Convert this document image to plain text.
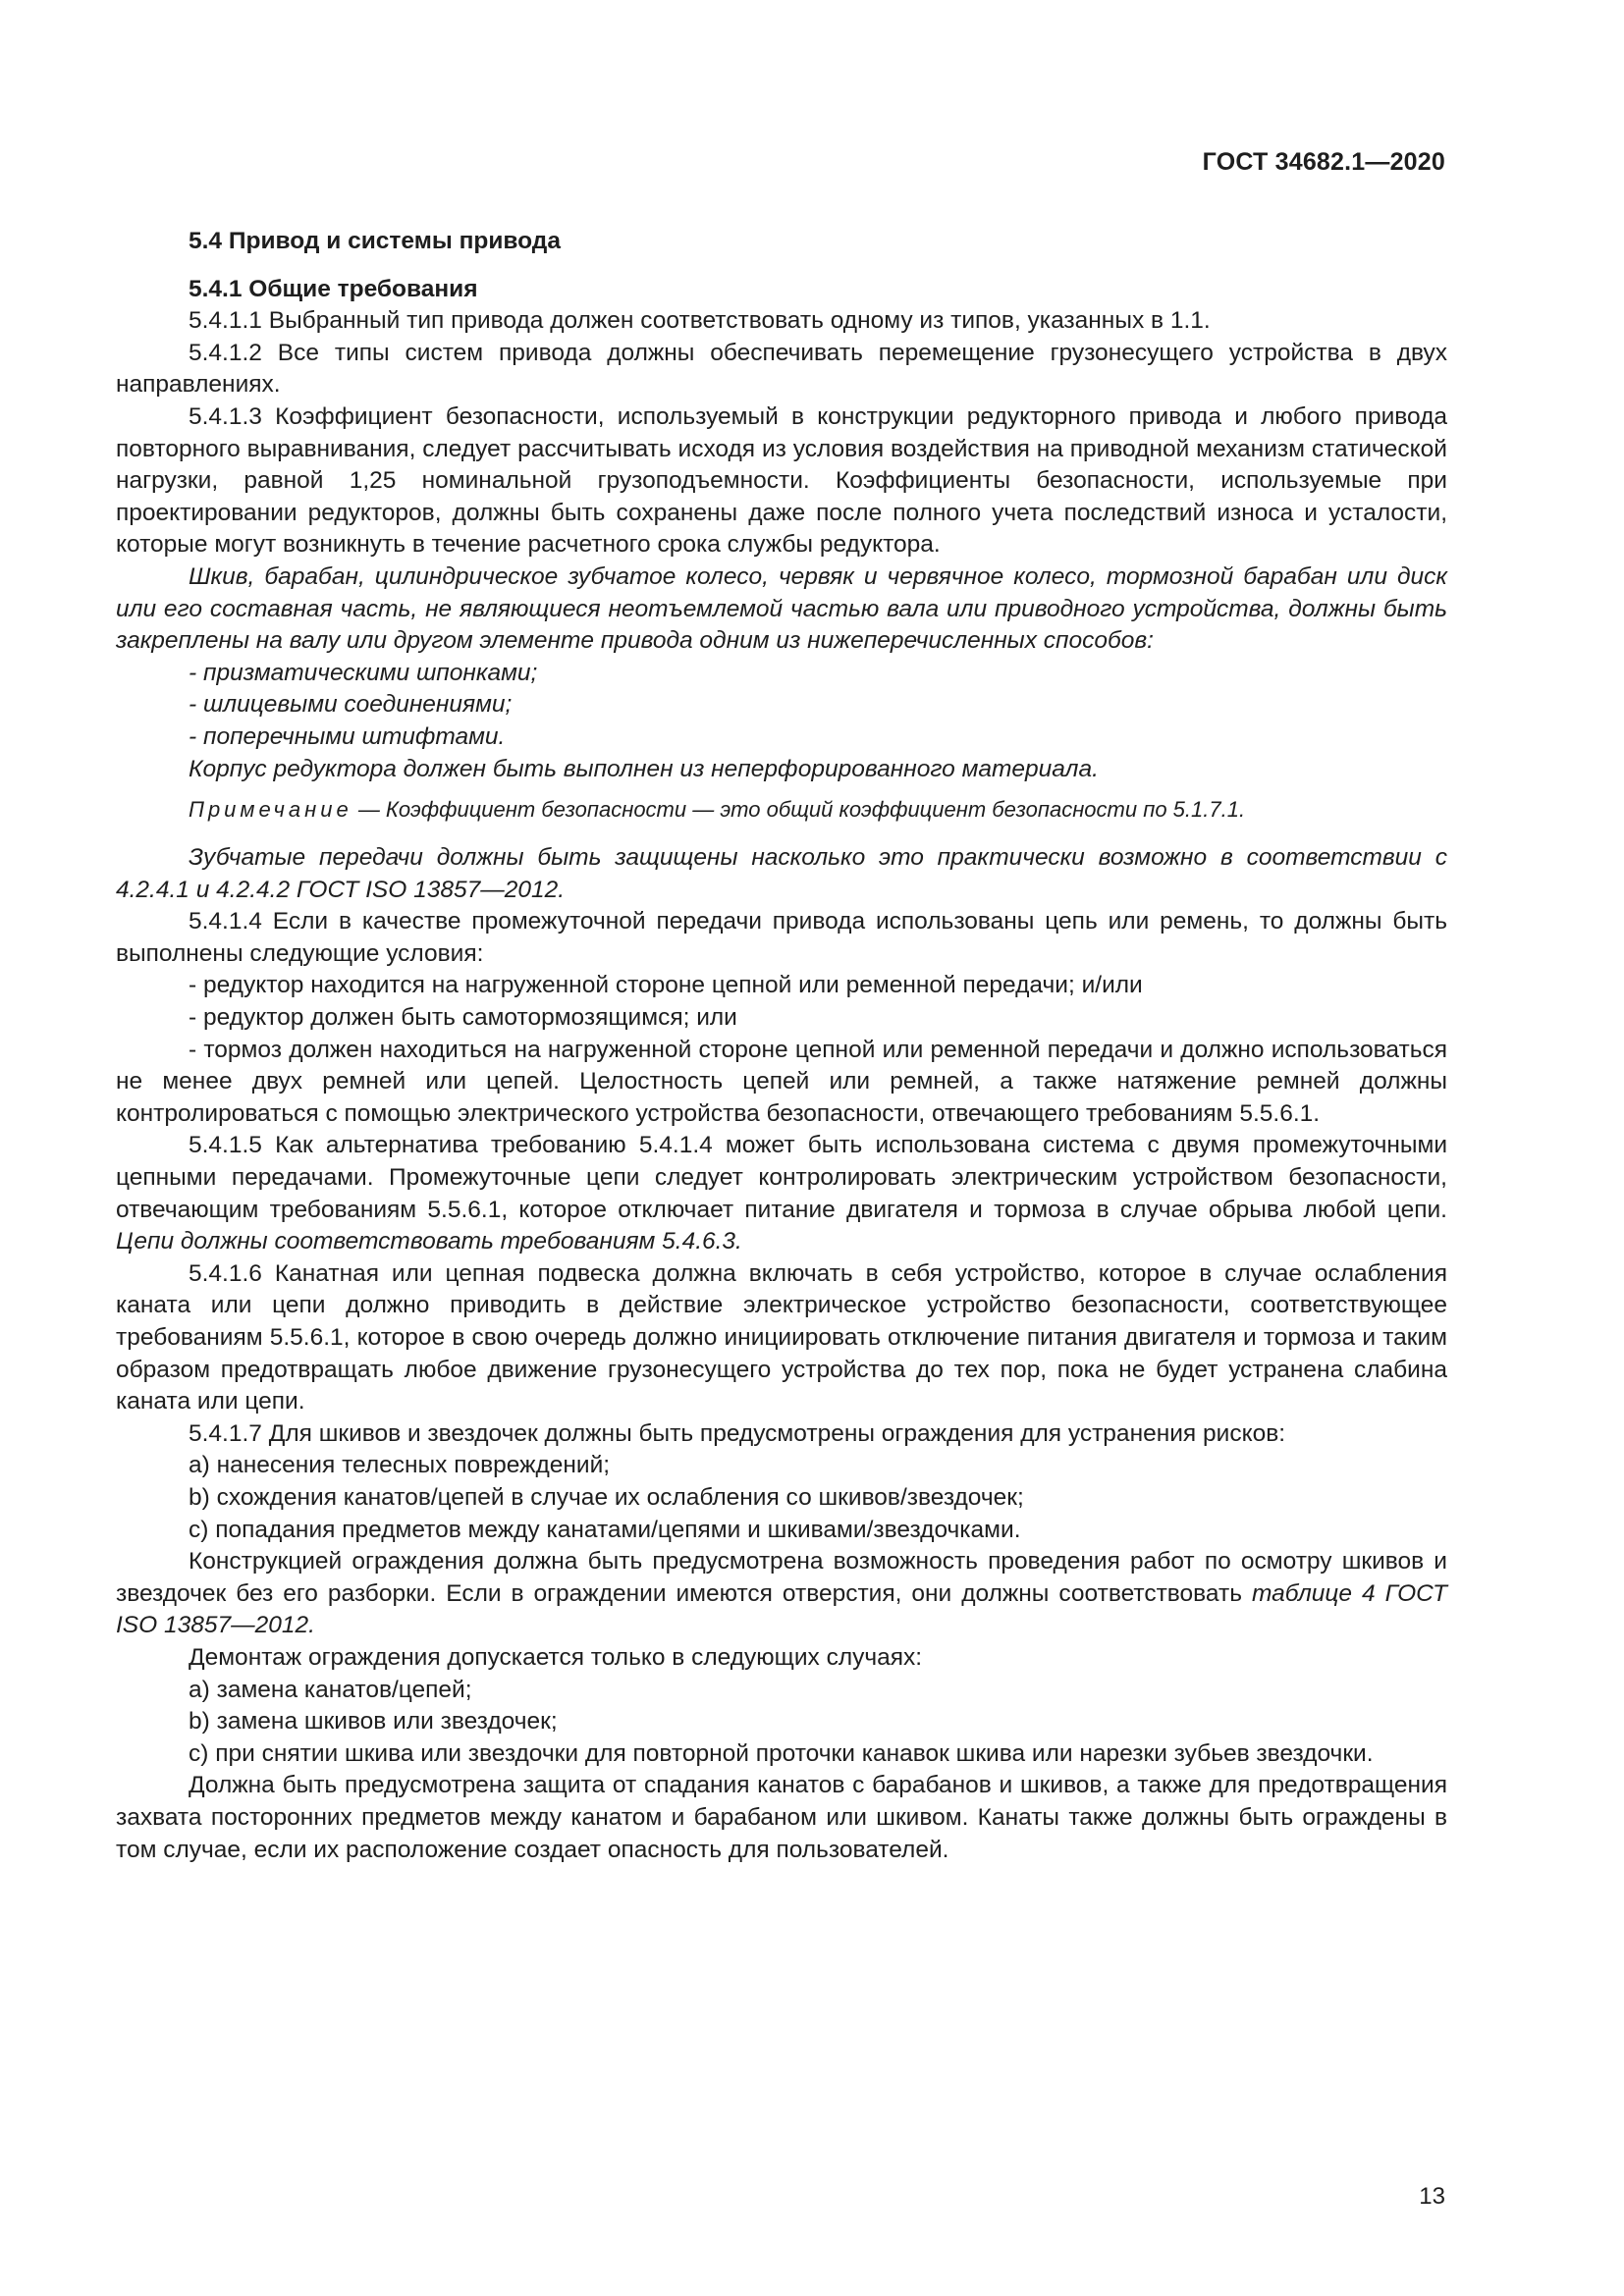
ГОСТ 34682.1—2020

5.4 Привод и системы привода

5.4.1 Общие требования

5.4.1.1 Выбранный тип привода должен соответствовать одному из типов, указанных в 1.1.

5.4.1.2 Все типы систем привода должны обеспечивать перемещение грузонесущего устройства в двух направлениях.

5.4.1.3 Коэффициент безопасности, используемый в конструкции редукторного привода и любого привода повторного выравнивания, следует рассчитывать исходя из условия воздействия на приводной механизм статической нагрузки, равной 1,25 номинальной грузоподъемности. Коэффициенты безопасности, используемые при проектировании редукторов, должны быть сохранены даже после полного учета последствий износа и усталости, которые могут возникнуть в течение расчетного срока службы редуктора.

Шкив, барабан, цилиндрическое зубчатое колесо, червяк и червячное колесо, тормозной барабан или диск или его составная часть, не являющиеся неотъемлемой частью вала или приводного устройства, должны быть закреплены на валу или другом элементе привода одним из нижеперечисленных способов:

- призматическими шпонками;

- шлицевыми соединениями;

- поперечными штифтами.

Корпус редуктора должен быть выполнен из неперфорированного материала.

Примечание — Коэффициент безопасности — это общий коэффициент безопасности по 5.1.7.1.

Зубчатые передачи должны быть защищены насколько это практически возможно в соответствии с 4.2.4.1 и 4.2.4.2 ГОСТ ISO 13857—2012.

5.4.1.4 Если в качестве промежуточной передачи привода использованы цепь или ремень, то должны быть выполнены следующие условия:

- редуктор находится на нагруженной стороне цепной или ременной передачи; и/или

- редуктор должен быть самотормозящимся; или

- тормоз должен находиться на нагруженной стороне цепной или ременной передачи и должно использоваться не менее двух ремней или цепей. Целостность цепей или ремней, а также натяжение ремней должны контролироваться с помощью электрического устройства безопасности, отвечающего требованиям 5.5.6.1.

5.4.1.5 Как альтернатива требованию 5.4.1.4 может быть использована система с двумя промежуточными цепными передачами. Промежуточные цепи следует контролировать электрическим устройством безопасности, отвечающим требованиям 5.5.6.1, которое отключает питание двигателя и тормоза в случае обрыва любой цепи. Цепи должны соответствовать требованиям 5.4.6.3.

5.4.1.6 Канатная или цепная подвеска должна включать в себя устройство, которое в случае ослабления каната или цепи должно приводить в действие электрическое устройство безопасности, соответствующее требованиям 5.5.6.1, которое в свою очередь должно инициировать отключение питания двигателя и тормоза и таким образом предотвращать любое движение грузонесущего устройства до тех пор, пока не будет устранена слабина каната или цепи.

5.4.1.7 Для шкивов и звездочек должны быть предусмотрены ограждения для устранения рисков:

a) нанесения телесных повреждений;

b) схождения канатов/цепей в случае их ослабления со шкивов/звездочек;

c) попадания предметов между канатами/цепями и шкивами/звездочками.

Конструкцией ограждения должна быть предусмотрена возможность проведения работ по осмотру шкивов и звездочек без его разборки. Если в ограждении имеются отверстия, они должны соответствовать таблице 4 ГОСТ ISO 13857—2012.

Демонтаж ограждения допускается только в следующих случаях:

a) замена канатов/цепей;

b) замена шкивов или звездочек;

c) при снятии шкива или звездочки для повторной проточки канавок шкива или нарезки зубьев звездочки.

Должна быть предусмотрена защита от спадания канатов с барабанов и шкивов, а также для предотвращения захвата посторонних предметов между канатом и барабаном или шкивом. Канаты также должны быть ограждены в том случае, если их расположение создает опасность для пользователей.

13
